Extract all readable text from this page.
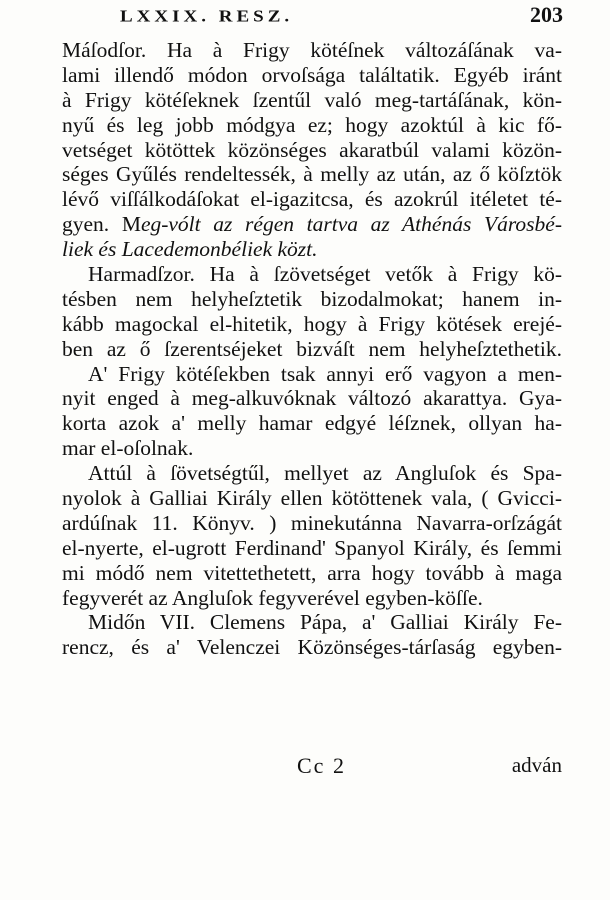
LXXIX. RESZ.	203
Máſodſor. Ha à Frigy kötéſnek változáſának va-
lami illendő módon orvoſsága találtatik. Egyéb iránt
à Frigy kötéſeknek ſzentűl való meg-tartáſának, kön-
nyű és leg jobb módgya ez; hogy azoktúl à kic fő-
vetséget kötöttek közönséges akaratbúl valami közön-
séges Gyűlés rendeltessék, à melly az után, az ő köſztök
lévő viſſálkodáſokat el-igazitcsa, és azokrúl itéletet té-
gyen. Meg-vólt az régen tartva az Athénás Városbé-
liek és Lacedemonbéliek közt.
Harmadſzor. Ha à ſzövetséget vetők à Frigy kö-
tésben nem helyheſztetik bizodalmokat; hanem in-
kább magockal el-hitetik, hogy à Frigy kötések erejé-
ben az ő ſzerentséjeket bizváſt nem helyheſztethetik.
A' Frigy kötéſekben tsak annyi erő vagyon a men-
nyit enged à meg-alkuvóknak változó akarattya. Gya-
korta azok a' melly hamar edgyé léſznek, ollyan ha-
mar el-oſolnak.
Attúl à ſövetségtűl, mellyet az Angluſok és Spa-
nyolok à Galliai Király ellen kötöttenek vala, ( Gvicci-
ardúſnak 11. Könyv. ) minekutánna Navarra-orſzágát
el-nyerte, el-ugrott Ferdinand' Spanyol Király, és ſemmi
mi módő nem vitettethetett, arra hogy tovább à maga
fegyverét az Angluſok fegyverével egyben-köſſe.
Midőn VII. Clemens Pápa, a' Galliai Király Fe-
rencz, és a' Velenczei Közönséges-tárſaság egyben-
Cc 2	adván
